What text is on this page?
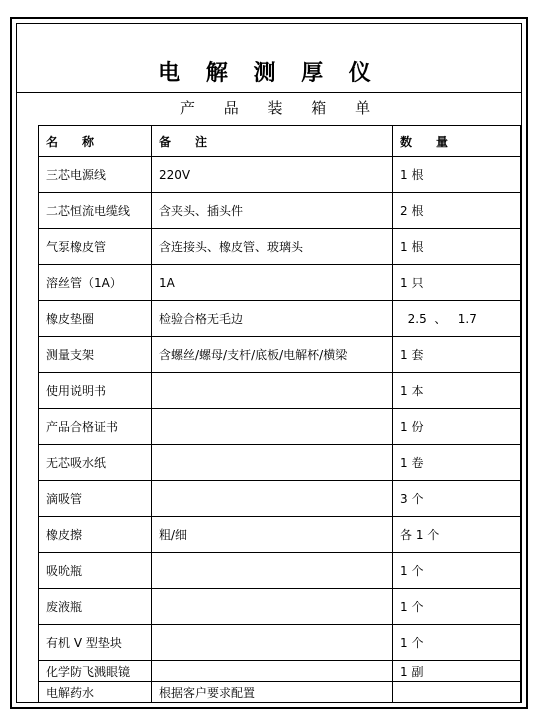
电 解 测 厚 仪
产 品 装 箱 单
名　　称	备　　注	数　　量
三芯电源线	220V	1 根
二芯恒流电缆线	含夹头、插头件	2 根
气泵橡皮管	含连接头、橡皮管、玻璃头	1 根
溶丝管（1A）	1A	1 只
橡皮垫圈	检验合格无毛边	2.5  、   1.7
测量支架	含螺丝/螺母/支杆/底板/电解杯/横梁	1 套
使用说明书		1 本
产品合格证书		1 份
无芯吸水纸		1 卷
滴吸管		3 个
橡皮擦	粗/细	各 1 个
吸吮瓶		1 个
废液瓶		1 个
有机 V 型垫块		1 个
化学防飞溅眼镜		1 副
电解药水	根据客户要求配置	
